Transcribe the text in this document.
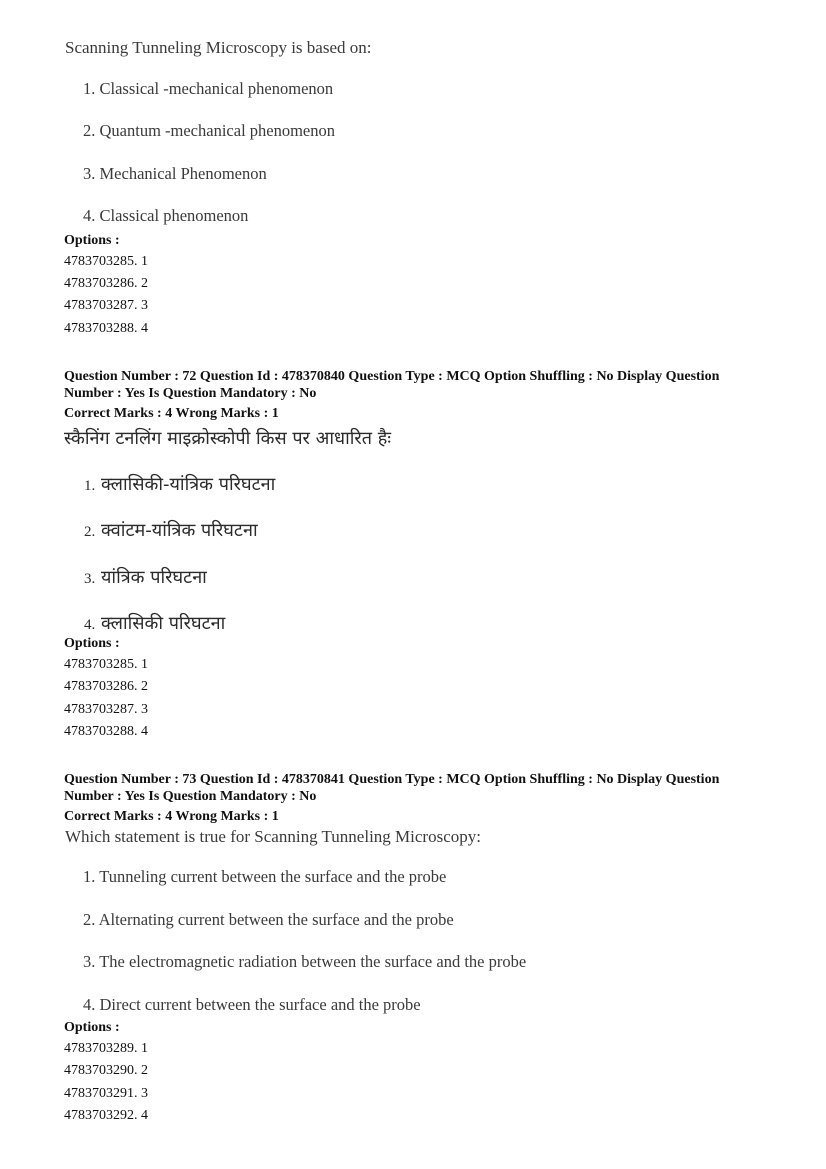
Scanning Tunneling Microscopy is based on:

1. Classical -mechanical phenomenon

2. Quantum -mechanical phenomenon

3. Mechanical Phenomenon

4. Classical phenomenon

Options :

4783703285. 1

4783703286. 2

4783703287. 3

4783703288. 4

Question Number : 72 Question Id : 478370840 Question Type : MCQ Option Shuffling : No Display Question

Number : Yes Is Question Mandatory : No

Correct Marks : 4 Wrong Marks : 1

स्कैनिंग टनलिंग माइक्रोस्कोपी किस पर आधारित हैः

1. क्लासिकी-यांत्रिक परिघटना

2. क्वांटम-यांत्रिक परिघटना

3. यांत्रिक परिघटना

4. क्लासिकी परिघटना

Options :

4783703285. 1

4783703286. 2

4783703287. 3

4783703288. 4

Question Number : 73 Question Id : 478370841 Question Type : MCQ Option Shuffling : No Display Question

Number : Yes Is Question Mandatory : No

Correct Marks : 4 Wrong Marks : 1

Which statement is true for Scanning Tunneling Microscopy:

1. Tunneling current between the surface and the probe

2. Alternating current between the surface and the probe

3. The electromagnetic radiation between the surface and the probe

4. Direct current between the surface and the probe

Options :

4783703289. 1

4783703290. 2

4783703291. 3

4783703292. 4
